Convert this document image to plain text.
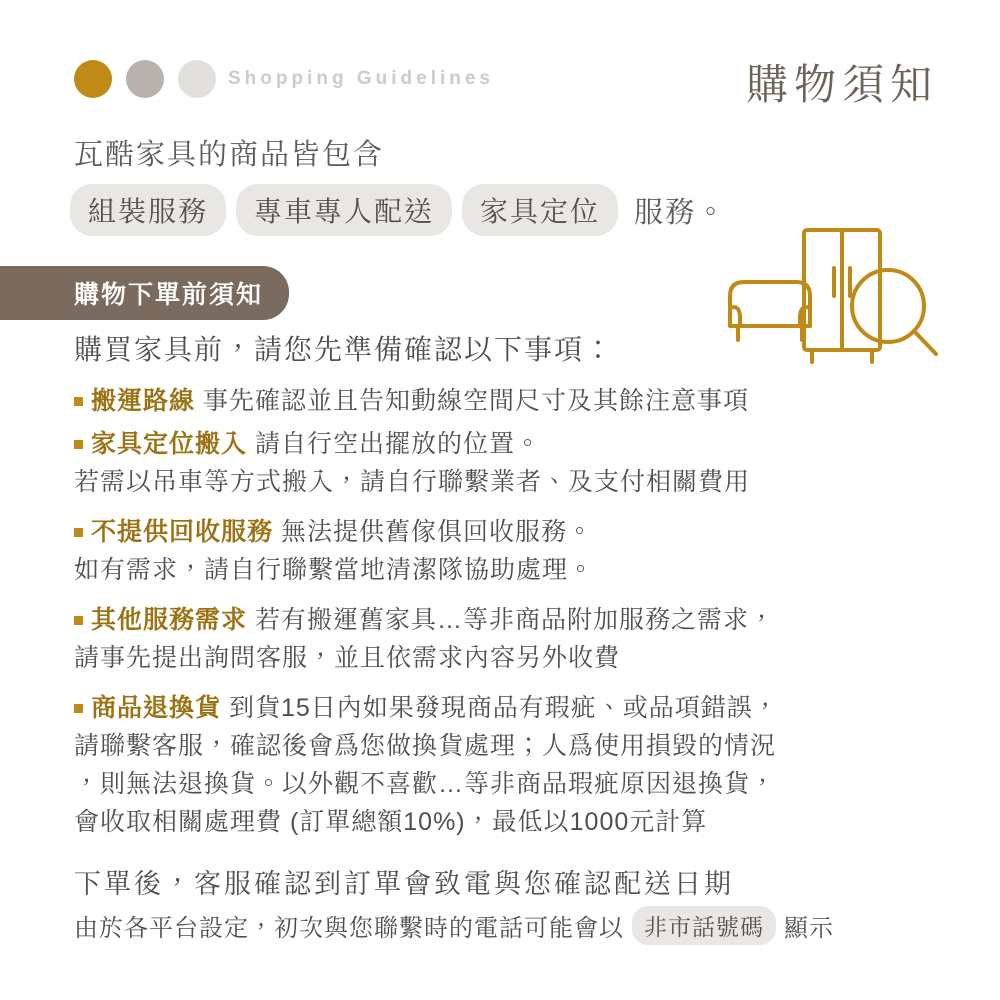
Shopping Guidelines	購物須知
瓦酷家具的商品皆包含
組裝服務	專車專人配送	家具定位	服務。
購物下單前須知
購買家具前，請您先準備確認以下事項：
搬運路線 事先確認並且告知動線空間尺寸及其餘注意事項
家具定位搬入 請自行空出擺放的位置。
若需以吊車等方式搬入，請自行聯繫業者、及支付相關費用
不提供回收服務 無法提供舊傢俱回收服務。
如有需求，請自行聯繫當地清潔隊協助處理。
其他服務需求 若有搬運舊家具…等非商品附加服務之需求，
請事先提出詢問客服，並且依需求內容另外收費
商品退換貨 到貨15日內如果發現商品有瑕疵、或品項錯誤，
請聯繫客服，確認後會爲您做換貨處理；人爲使用損毀的情況
，則無法退換貨。以外觀不喜歡…等非商品瑕疵原因退換貨，
會收取相關處理費 (訂單總額10%)，最低以1000元計算
下單後，客服確認到訂單會致電與您確認配送日期
由於各平台設定，初次與您聯繫時的電話可能會以 非市話號碼 顯示
